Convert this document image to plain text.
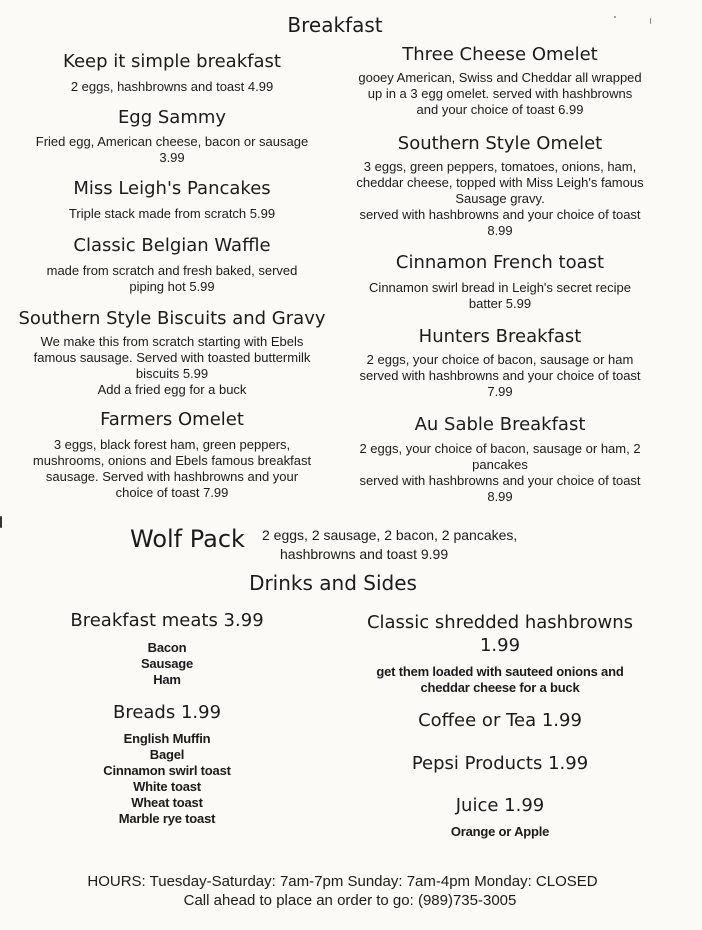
Breakfast
Keep it simple breakfast
2 eggs, hashbrowns and toast 4.99
Egg Sammy
Fried egg, American cheese, bacon or sausage
3.99
Miss Leigh's Pancakes
Triple stack made from scratch 5.99
Classic Belgian Waffle
made from scratch and fresh baked, served
piping hot 5.99
Southern Style Biscuits and Gravy
We make this from scratch starting with Ebels
famous sausage. Served with toasted buttermilk
biscuits 5.99
Add a fried egg for a buck
Farmers Omelet
3 eggs, black forest ham, green peppers,
mushrooms, onions and Ebels famous breakfast
sausage. Served with hashbrowns and your
choice of toast 7.99
Three Cheese Omelet
gooey American, Swiss and Cheddar all wrapped
up in a 3 egg omelet. served with hashbrowns
and your choice of toast 6.99
Southern Style Omelet
3 eggs, green peppers, tomatoes, onions, ham,
cheddar cheese, topped with Miss Leigh's famous
Sausage gravy.
served with hashbrowns and your choice of toast
8.99
Cinnamon French toast
Cinnamon swirl bread in Leigh's secret recipe
batter 5.99
Hunters Breakfast
2 eggs, your choice of bacon, sausage or ham
served with hashbrowns and your choice of toast
7.99
Au Sable Breakfast
2 eggs, your choice of bacon, sausage or ham, 2
pancakes
served with hashbrowns and your choice of toast
8.99
Wolf Pack 2 eggs, 2 sausage, 2 bacon, 2 pancakes,
hashbrowns and toast 9.99
Drinks and Sides
Breakfast meats 3.99
Bacon
Sausage
Ham
Breads 1.99
English Muffin
Bagel
Cinnamon swirl toast
White toast
Wheat toast
Marble rye toast
Classic shredded hashbrowns
1.99
get them loaded with sauteed onions and
cheddar cheese for a buck
Coffee or Tea 1.99
Pepsi Products 1.99
Juice 1.99
Orange or Apple
HOURS: Tuesday-Saturday: 7am-7pm Sunday: 7am-4pm Monday: CLOSED
Call ahead to place an order to go: (989)735-3005
